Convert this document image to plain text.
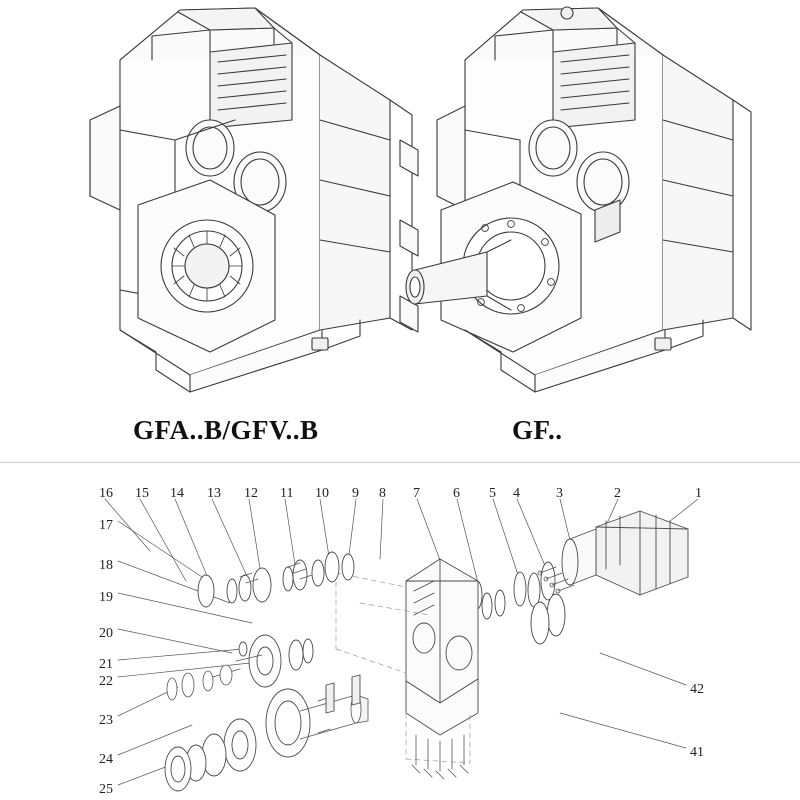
GFA..B/GFV..B	GF..
16 15 14 13 12 11 10 9 8 7 6 5 4	3	2	1
17
18
19
20
21
22
23
24
25
42
41
